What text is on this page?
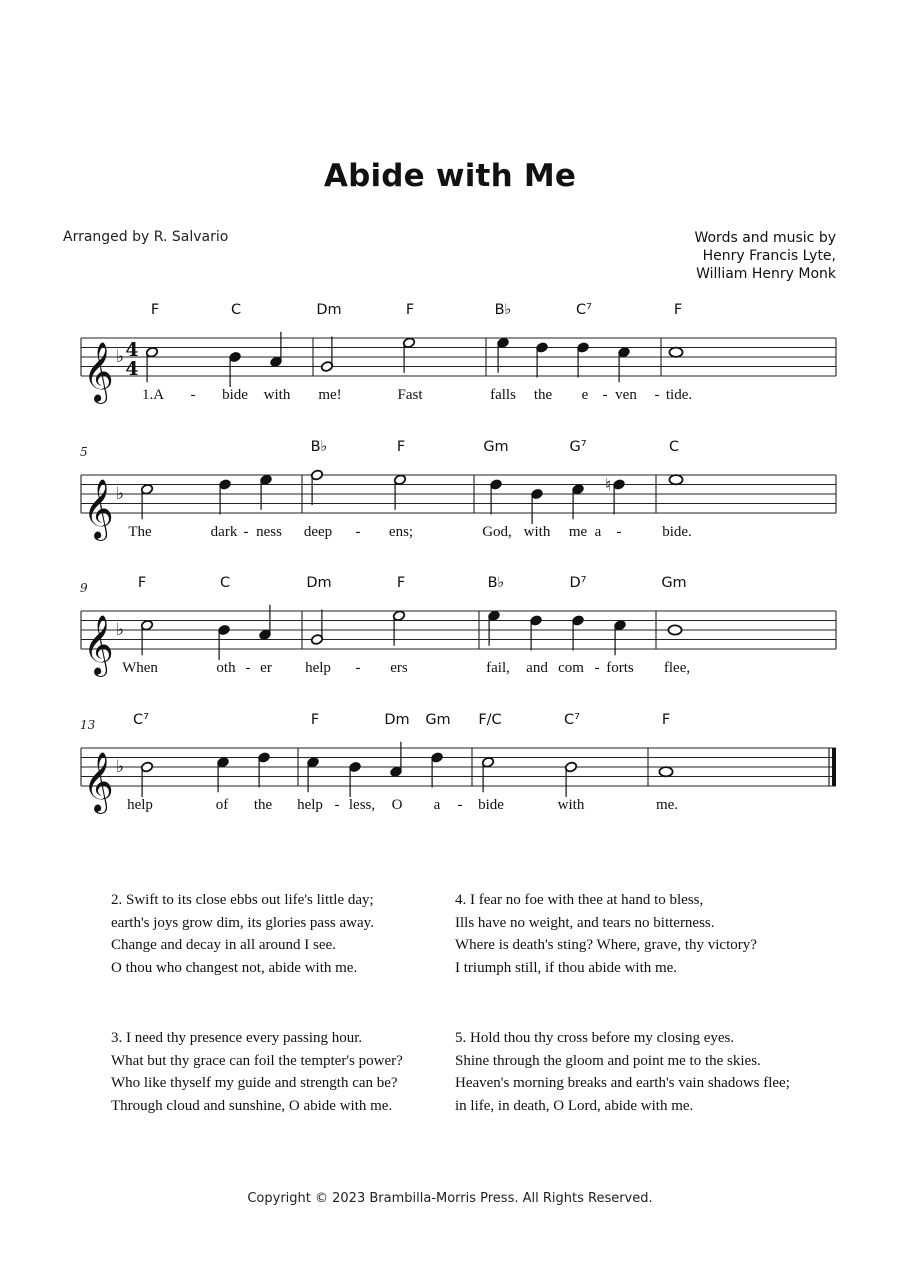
Abide with Me
Arranged by R. Salvario	Words and music by
Henry Francis Lyte,
William Henry Monk
𝄞 ♭ 4
4
F	C	Dm	F	B♭	C⁷	F
1.A - bide with me!	Fast	falls the e - ven - tide.
𝄞 ♭
5
♮
B♭	F	Gm	G⁷	C
The	dark - ness deep - ens;	God, with me a -	bide.
𝄞 ♭
9	F	C	Dm	F	B♭	D⁷	Gm
When	oth - er help - ers	fail, and com - forts flee,
𝄞 ♭
13	C⁷	F	Dm Gm F/C	C⁷	F
help	of the help - less, O a - bide	with	me.
2. Swift to its close ebbs out life's little day;
earth's joys grow dim, its glories pass away.
Change and decay in all around I see.
O thou who changest not, abide with me.
3. I need thy presence every passing hour.
What but thy grace can foil the tempter's power?
Who like thyself my guide and strength can be?
Through cloud and sunshine, O abide with me.
4. I fear no foe with thee at hand to bless,
Ills have no weight, and tears no bitterness.
Where is death's sting? Where, grave, thy victory?
I triumph still, if thou abide with me.
5. Hold thou thy cross before my closing eyes.
Shine through the gloom and point me to the skies.
Heaven's morning breaks and earth's vain shadows flee;
in life, in death, O Lord, abide with me.
Copyright © 2023 Brambilla-Morris Press. All Rights Reserved.
